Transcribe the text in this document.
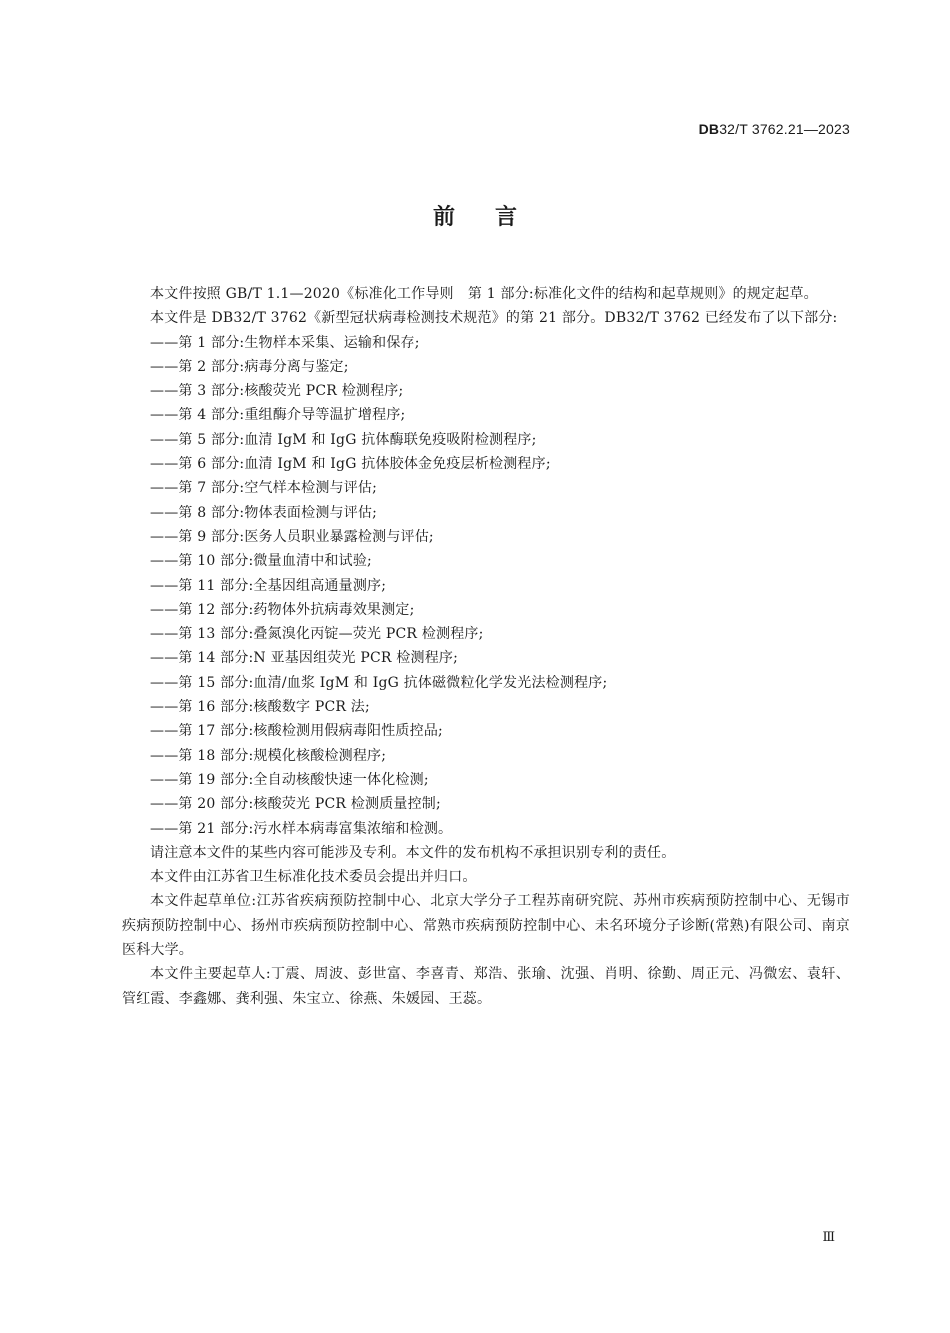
DB32/T 3762.21—2023
前言

本文件按照 GB/T 1.1—2020《标准化工作导则　第 1 部分:标准化文件的结构和起草规则》的规定起草。

本文件是 DB32/T 3762《新型冠状病毒检测技术规范》的第 21 部分。DB32/T 3762 已经发布了以下部分:

——第 1 部分:生物样本采集、运输和保存;
——第 2 部分:病毒分离与鉴定;
——第 3 部分:核酸荧光 PCR 检测程序;
——第 4 部分:重组酶介导等温扩增程序;
——第 5 部分:血清 IgM 和 IgG 抗体酶联免疫吸附检测程序;
——第 6 部分:血清 IgM 和 IgG 抗体胶体金免疫层析检测程序;
——第 7 部分:空气样本检测与评估;
——第 8 部分:物体表面检测与评估;
——第 9 部分:医务人员职业暴露检测与评估;
——第 10 部分:微量血清中和试验;
——第 11 部分:全基因组高通量测序;
——第 12 部分:药物体外抗病毒效果测定;
——第 13 部分:叠氮溴化丙锭—荧光 PCR 检测程序;
——第 14 部分:N 亚基因组荧光 PCR 检测程序;
——第 15 部分:血清/血浆 IgM 和 IgG 抗体磁微粒化学发光法检测程序;
——第 16 部分:核酸数字 PCR 法;
——第 17 部分:核酸检测用假病毒阳性质控品;
——第 18 部分:规模化核酸检测程序;
——第 19 部分:全自动核酸快速一体化检测;
——第 20 部分:核酸荧光 PCR 检测质量控制;
——第 21 部分:污水样本病毒富集浓缩和检测。

请注意本文件的某些内容可能涉及专利。本文件的发布机构不承担识别专利的责任。

本文件由江苏省卫生标准化技术委员会提出并归口。

本文件起草单位:江苏省疾病预防控制中心、北京大学分子工程苏南研究院、苏州市疾病预防控制中心、无锡市疾病预防控制中心、扬州市疾病预防控制中心、常熟市疾病预防控制中心、未名环境分子诊断(常熟)有限公司、南京医科大学。

本文件主要起草人:丁震、周波、彭世富、李喜青、郑浩、张瑜、沈强、肖明、徐勤、周正元、冯微宏、袁轩、管红霞、李鑫娜、龚利强、朱宝立、徐燕、朱媛园、王蕊。

Ⅲ
